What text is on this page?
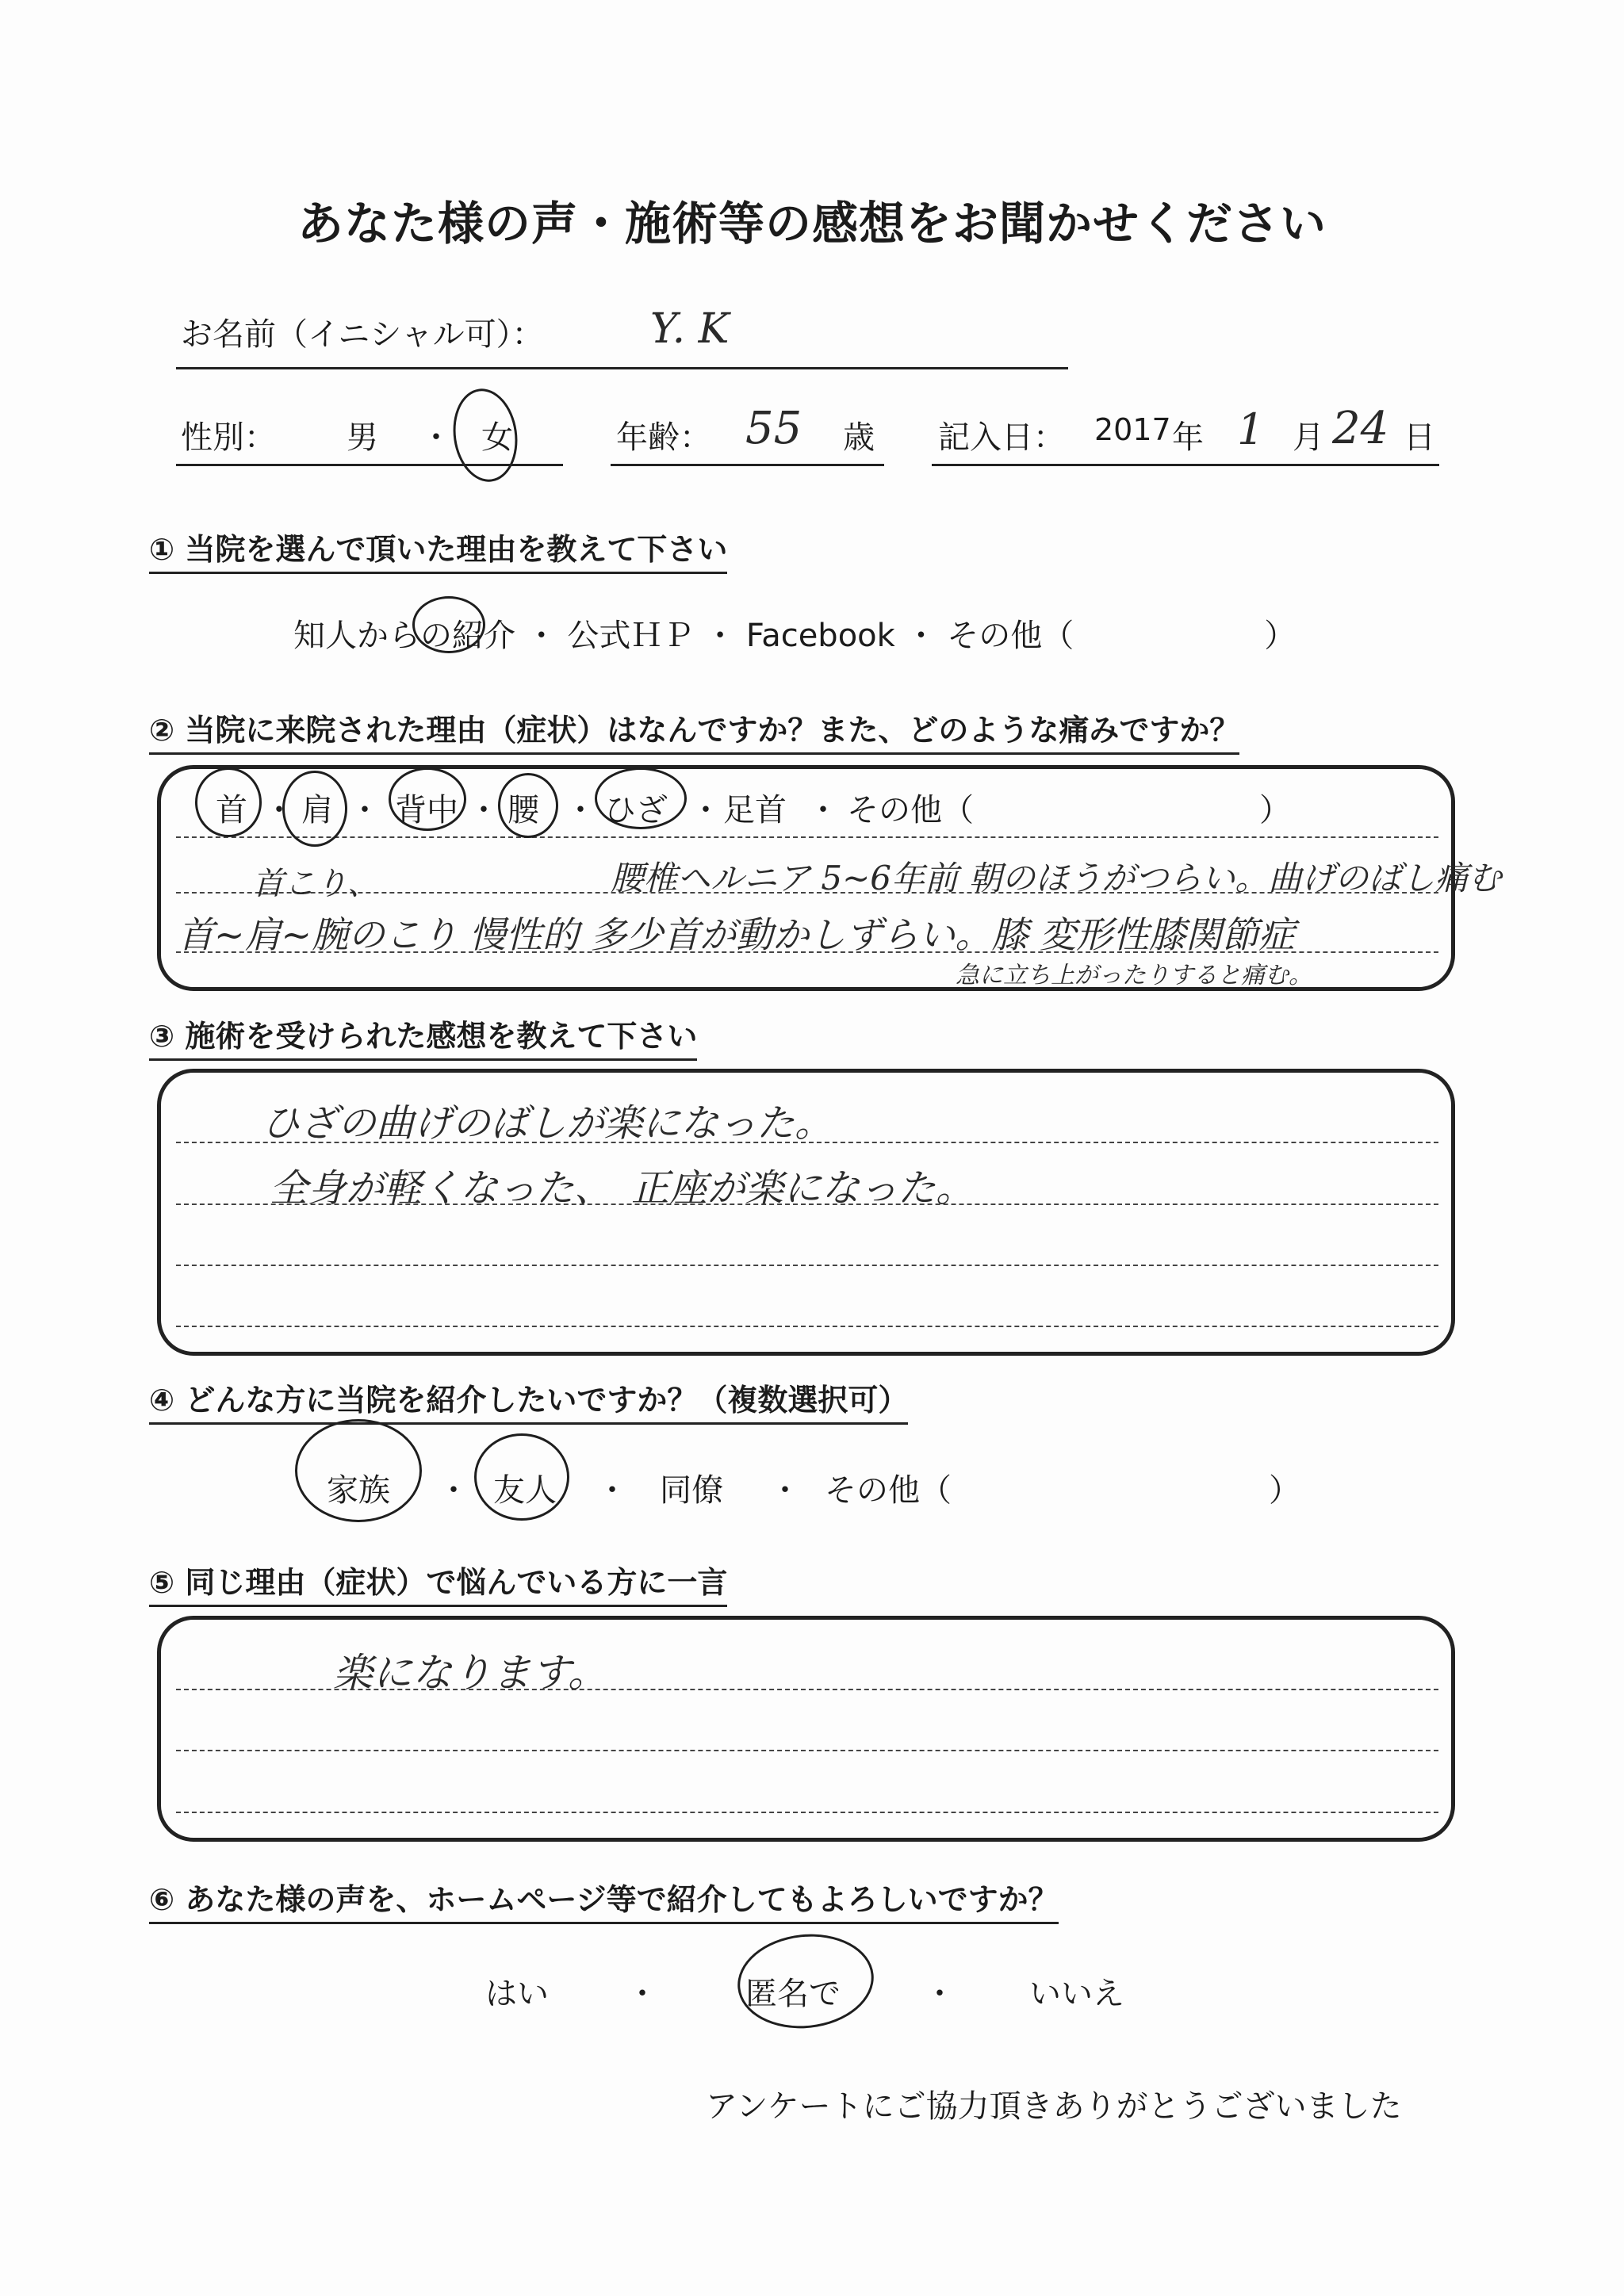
あなた様の声・施術等の感想をお聞かせください
お名前（イニシャル可）：	Y. K
性別： 男 ・ 女	年齢： 55 歳 記入日： 2017 年 1 月 24 日
① 当院を選んで頂いた理由を教えて下さい
知人からの紹介 ・ 公式ＨＰ ・ Facebook ・ その他（　　　　　　）
② 当院に来院された理由（症状）はなんですか？また、どのような痛みですか？
首 ・ 肩 ・ 背中 ・ 腰 ・ ひざ ・ 足首 ・ その他（　　　　　　　　　）
首こり、	腰椎ヘルニア 5~6年前 朝のほうがつらい。曲げのばし痛む
首~肩~腕のこり 慢性的 多少首が動かしずらい。膝 変形性膝関節症
急に立ち上がったりすると痛む。
③ 施術を受けられた感想を教えて下さい
ひざの曲げのばしが楽になった。
全身が軽くなった、　正座が楽になった。
④ どんな方に当院を紹介したいですか？（複数選択可）
家族 ・ 友人 ・ 同僚 ・ その他（　　　　　　　　　　）
⑤ 同じ理由（症状）で悩んでいる方に一言
楽になります。
⑥ あなた様の声を、ホームページ等で紹介してもよろしいですか？
はい ・	匿名で	・ いいえ
アンケートにご協力頂きありがとうございました
